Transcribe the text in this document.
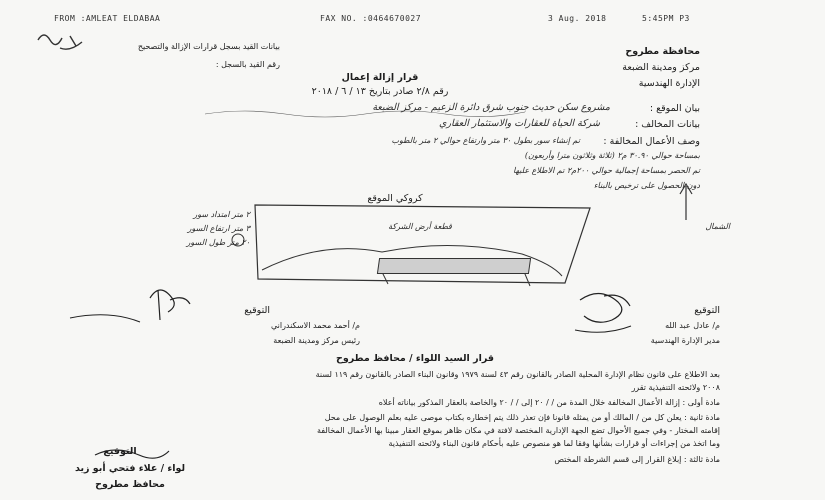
FROM :AMLEAT ELDABAA	FAX NO. :0464670027	3 Aug. 2018	5:45PM P3
بيانات القيد بسجل قرارات الإزالة والتصحيح
رقم القيد بالسجل :
محافظة مطروح
مركز ومدينة الضبعة
الإدارة الهندسية
قرار إزالة إعمال
رقم ٢/٨ صادر بتاريخ ١٣ / ٦ / ٢٠١٨
بيان الموقع :
مشروع سكن حديث جنوب شرق دائرة الزعيم - مركز الضبعة
بيانات المخالف :
شركة الحياة للعقارات والاستثمار العقاري
وصف الأعمال المخالفة :
تم إنشاء سور بطول ٣٠ متر وارتفاع حوالي ٢ متر بالطوب
بمساحة حوالي ٣٠.٩٠ م٢ (ثلاثة وثلاثون مترا وأربعون)
تم الحصر بمساحة إجمالية حوالي ٢٠٠م٢ تم الاطلاع عليها
دون الحصول على ترخيص بالبناء
كروكي الموقع
قطعة أرض الشركة
٢ متر امتداد سور
٣ متر ارتفاع السور
٢٠ متر طول السور
الشمال
التوقيع
م/ أحمد محمد الاسكندراني
رئيس مركز ومدينة الضبعة
التوقيع
م/ عادل عبد الله
مدير الإدارة الهندسية
قرار السيد اللواء / محافظ مطروح
بعد الاطلاع على قانون نظام الإدارة المحلية الصادر بالقانون رقم ٤٣ لسنة ١٩٧٩ وقانون البناء الصادر بالقانون رقم ١١٩ لسنة
٢٠٠٨ ولائحته التنفيذية تقرر
مادة أولى : إزالة الأعمال المخالفة خلال المدة من / / ٢٠ إلى / / ٢٠ والخاصة بالعقار المذكور بياناته أعلاه
مادة ثانية : يعلن كل من / المالك أو من يمثله قانونا فإن تعذر ذلك يتم إخطاره بكتاب موصى عليه بعلم الوصول على محل
إقامته المختار - وفي جميع الأحوال تضع الجهة الإدارية المختصة لافتة في مكان ظاهر بموقع العقار مبينا بها الأعمال المخالفة
وما اتخذ من إجراءات أو قرارات بشأنها وفقا لما هو منصوص عليه بأحكام قانون البناء ولائحته التنفيذية
مادة ثالثة : إبلاغ القرار إلى قسم الشرطة المختص
التوقيع
لواء / علاء فتحي أبو زيد
محافظ مطروح
